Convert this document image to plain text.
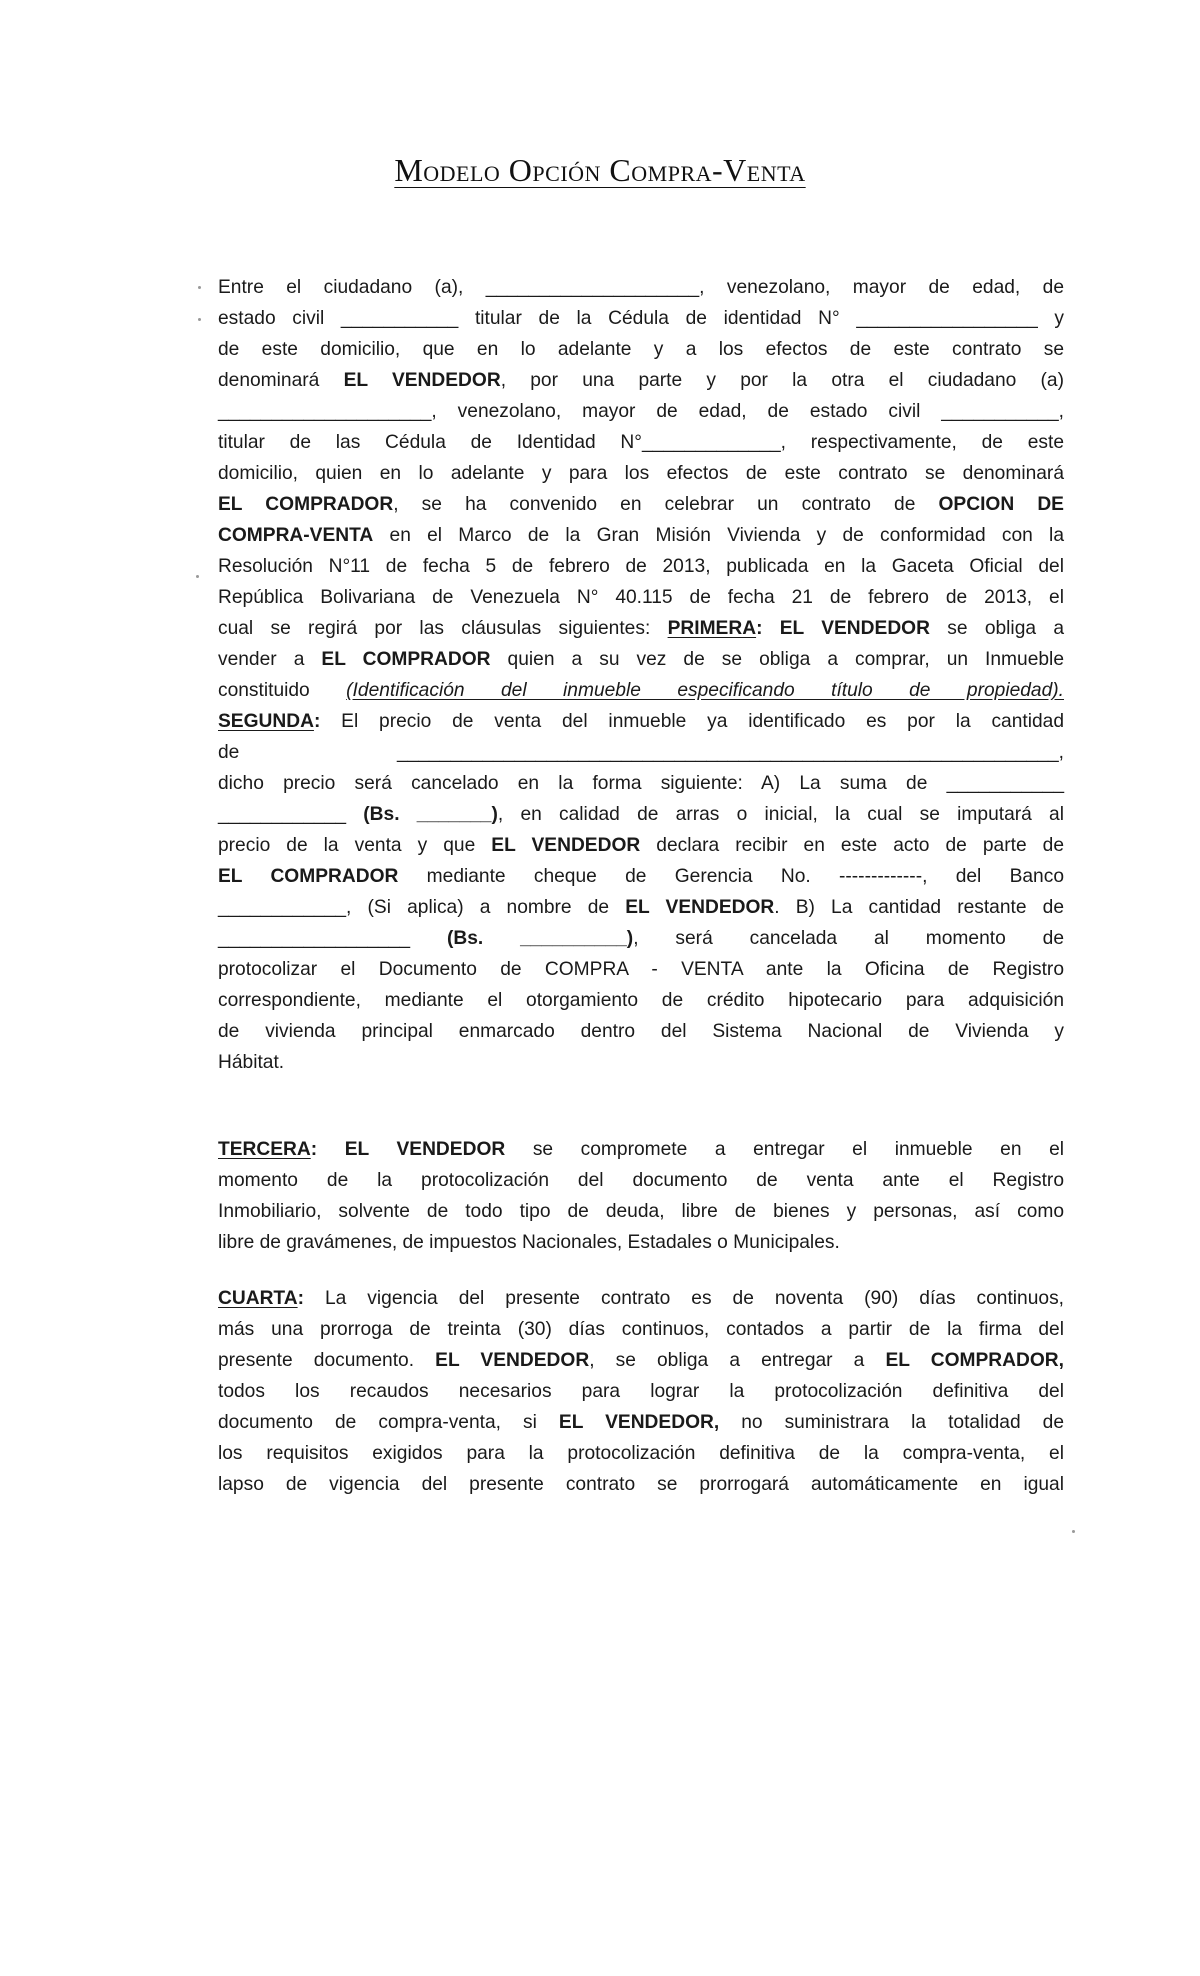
Modelo Opción Compra-Venta
Entre el ciudadano (a), ____________________, venezolano, mayor de edad, de
estado civil ___________ titular de la Cédula de identidad N° _________________ y
de este domicilio, que en lo adelante y a los efectos de este contrato se
denominará EL VENDEDOR, por una parte y por la otra el ciudadano (a)
____________________, venezolano, mayor de edad, de estado civil ___________,
titular de las Cédula de Identidad N°_____________, respectivamente, de este
domicilio, quien en lo adelante y para los efectos de este contrato se denominará
EL COMPRADOR, se ha convenido en celebrar un contrato de OPCION DE
COMPRA-VENTA en el Marco de la Gran Misión Vivienda y de conformidad con la
Resolución N°11 de fecha 5 de febrero de 2013, publicada en la Gaceta Oficial del
República Bolivariana de Venezuela N° 40.115 de fecha 21 de febrero de 2013, el
cual se regirá por las cláusulas siguientes: PRIMERA: EL VENDEDOR se obliga a
vender a EL COMPRADOR quien a su vez de se obliga a comprar, un Inmueble
constituido (Identificación del inmueble especificando título de propiedad).
SEGUNDA: El precio de venta del inmueble ya identificado es por la cantidad
de ______________________________________________________________,
dicho precio será cancelado en la forma siguiente: A) La suma de ___________
____________ (Bs. _______), en calidad de arras o inicial, la cual se imputará al
precio de la venta y que EL VENDEDOR declara recibir en este acto de parte de
EL COMPRADOR mediante cheque de Gerencia No. -------------, del Banco
____________, (Si aplica) a nombre de EL VENDEDOR. B) La cantidad restante de
__________________ (Bs. __________), será cancelada al momento de
protocolizar el Documento de COMPRA - VENTA ante la Oficina de Registro
correspondiente, mediante el otorgamiento de crédito hipotecario para adquisición
de vivienda principal enmarcado dentro del Sistema Nacional de Vivienda y
Hábitat.
TERCERA: EL VENDEDOR se compromete a entregar el inmueble en el
momento de la protocolización del documento de venta ante el Registro
Inmobiliario, solvente de todo tipo de deuda, libre de bienes y personas, así como
libre de gravámenes, de impuestos Nacionales, Estadales o Municipales.
CUARTA: La vigencia del presente contrato es de noventa (90) días continuos,
más una prorroga de treinta (30) días continuos, contados a partir de la firma del
presente documento. EL VENDEDOR, se obliga a entregar a EL COMPRADOR,
todos los recaudos necesarios para lograr la protocolización definitiva del
documento de compra-venta, si EL VENDEDOR, no suministrara la totalidad de
los requisitos exigidos para la protocolización definitiva de la compra-venta, el
lapso de vigencia del presente contrato se prorrogará automáticamente en igual
